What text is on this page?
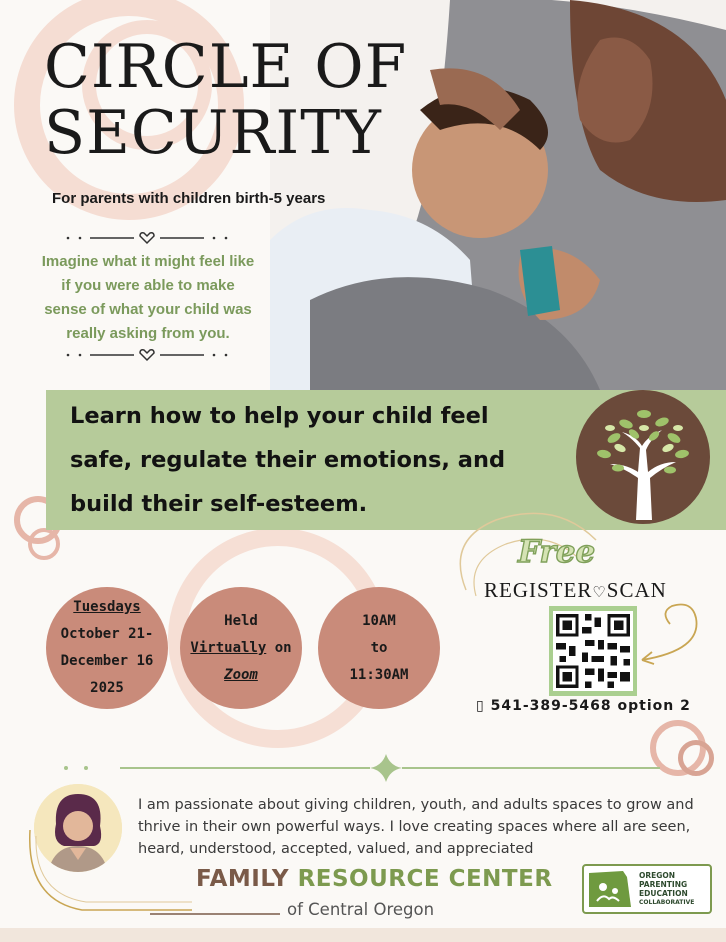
CIRCLE OF
SECURITY
For parents with children birth-5 years
Imagine what it might feel like
if you were able to make
sense of what your child was
really asking from you.
Learn how to help your child feel
safe, regulate their emotions, and
build their self-esteem.
Tuesdays
October 21-
December 16
2025
Held
Virtually on
Zoom
10AM
to
11:30AM
Free
REGISTER♡SCAN
▯ 541-389-5468 option 2
I am passionate about giving children, youth, and adults spaces to grow and thrive in their own powerful ways. I love creating spaces where all are seen, heard, understood, accepted, valued, and appreciated
FAMILY RESOURCE CENTER
of Central Oregon
OREGON
PARENTING
EDUCATION
COLLABORATIVE
